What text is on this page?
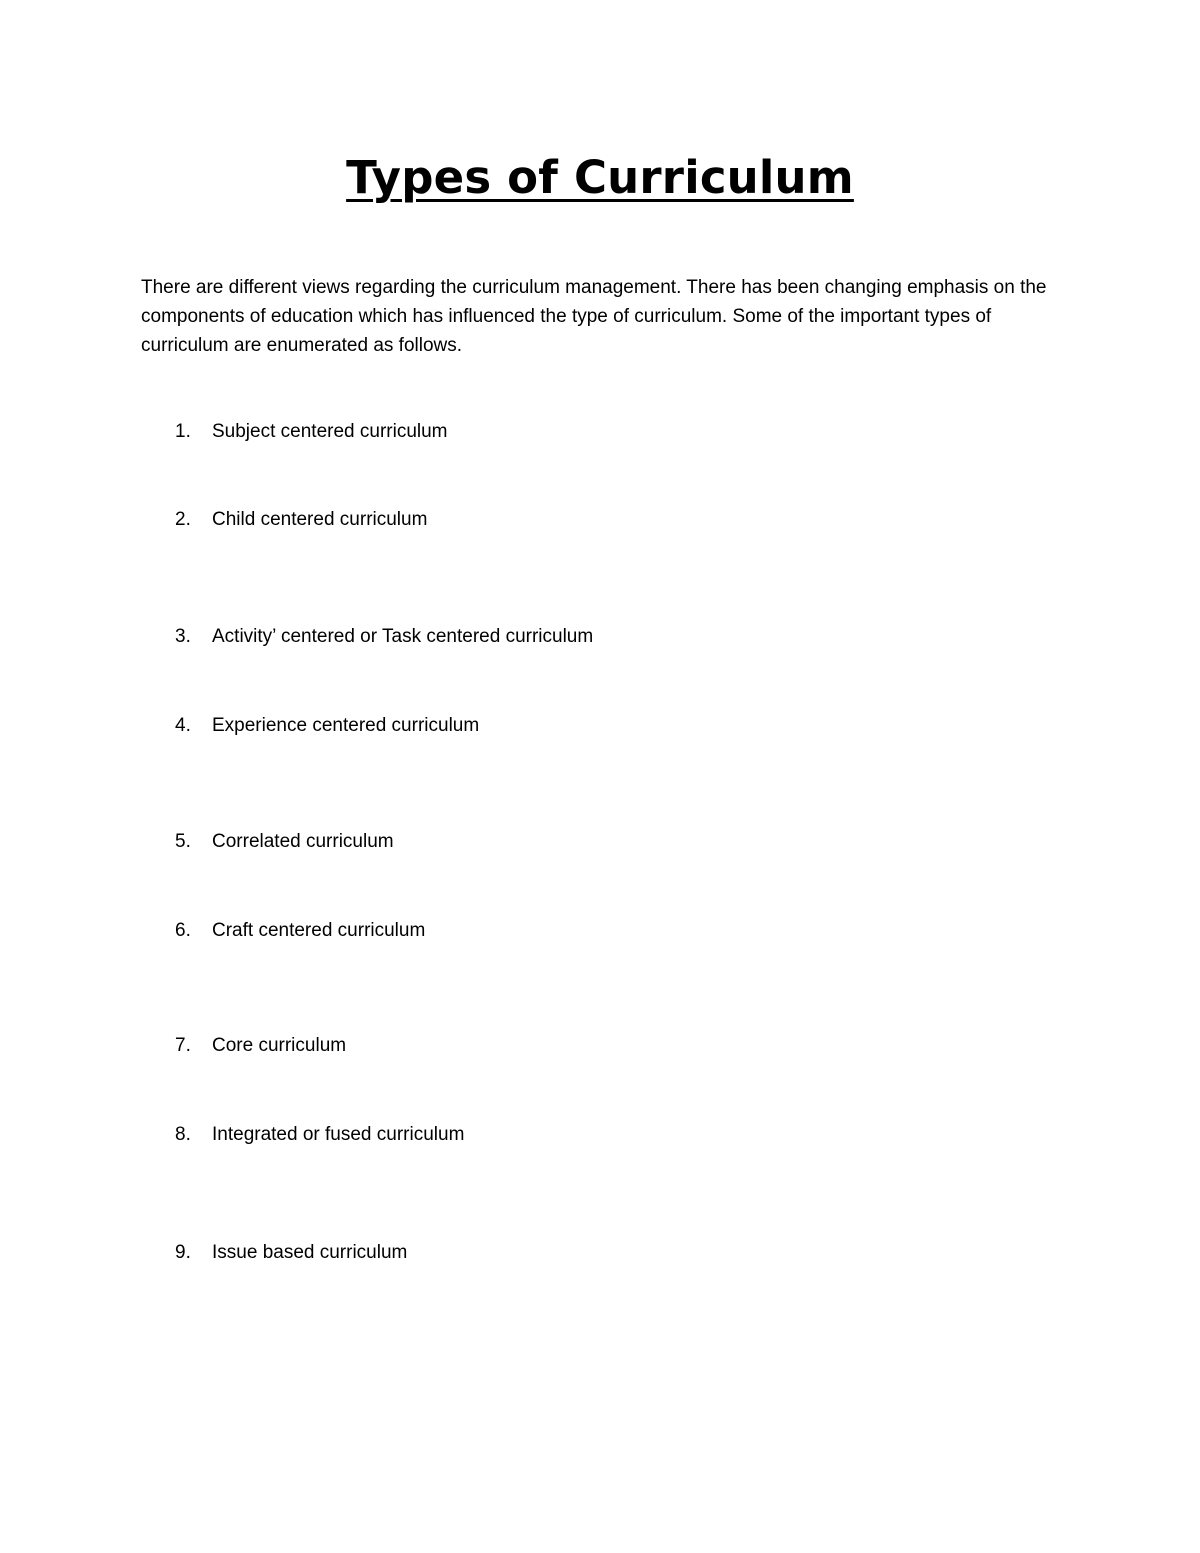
Types of Curriculum

There are different views regarding the curriculum management. There has been changing emphasis on the components of education which has influenced the type of curriculum. Some of the important types of curriculum are enumerated as follows.

1.	Subject centered curriculum
2.	Child centered curriculum
3.	Activity’ centered or Task centered curriculum
4.	Experience centered curriculum
5.	Correlated curriculum
6.	Craft centered curriculum
7.	Core curriculum
8.	Integrated or fused curriculum
9.	Issue based curriculum
